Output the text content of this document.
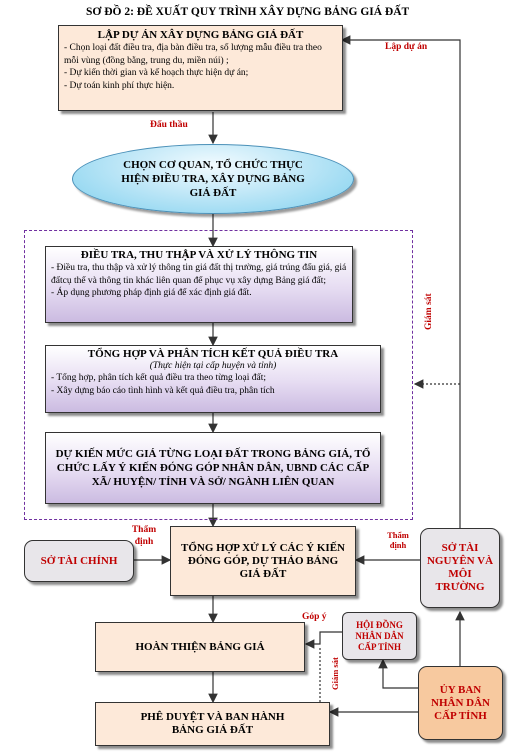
SƠ ĐỒ 2: ĐỀ XUẤT QUY TRÌNH XÂY DỰNG BẢNG GIÁ ĐẤT
LẬP DỰ ÁN XÂY DỰNG BẢNG GIÁ ĐẤT
- Chọn loại đất điều tra, địa bàn điều tra, số lượng mẫu điều tra theo mỗi vùng (đồng bằng, trung du, miền núi) ;
- Dự kiến thời gian và kế hoạch thực hiện dự án;
- Dự toán kinh phí thực hiện.
Lập dự án
Đấu thầu
CHỌN CƠ QUAN, TỔ CHỨC THỰC HIỆN ĐIỀU TRA, XÂY DỰNG BẢNG GIÁ ĐẤT
ĐIỀU TRA, THU THẬP VÀ XỬ LÝ THÔNG TIN
- Điều tra, thu thập và xử lý thông tin giá đất thị trường, giá trúng đấu giá, giá đấtcụ thể và thông tin khác liên quan để phục vụ xây dựng Bảng giá đất;
- Áp dụng phương pháp định giá để xác định giá đất.
TỔNG HỢP VÀ PHÂN TÍCH KẾT QUẢ ĐIỀU TRA
(Thực hiện tại cấp huyện và tỉnh)
- Tổng hợp, phân tích kết quả điều tra theo từng loại đất;
- Xây dựng báo cáo tình hình và kết quả điều tra, phân tích
DỰ KIẾN MỨC GIÁ TỪNG LOẠI ĐẤT TRONG BẢNG GIÁ, TỔ CHỨC LẤY Ý KIẾN ĐÓNG GÓP NHÂN DÂN, UBND CÁC CẤP XÃ/ HUYỆN/ TỈNH VÀ SỞ/ NGÀNH LIÊN QUAN
Giám sát
TỔNG HỢP XỬ LÝ CÁC Ý KIẾN ĐÓNG GÓP, DỰ THẢO BẢNG GIÁ ĐẤT
SỞ TÀI CHÍNH
Thẩm định
Thẩm định	SỞ TÀI NGUYÊN VÀ MÔI TRƯỜNG
HOÀN THIỆN BẢNG GIÁ
Góp ý
HỘI ĐỒNG NHÂN DÂN CẤP TỈNH
Giám sát
PHÊ DUYỆT VÀ BAN HÀNH BẢNG GIÁ ĐẤT
ỦY BAN NHÂN DÂN CẤP TỈNH
